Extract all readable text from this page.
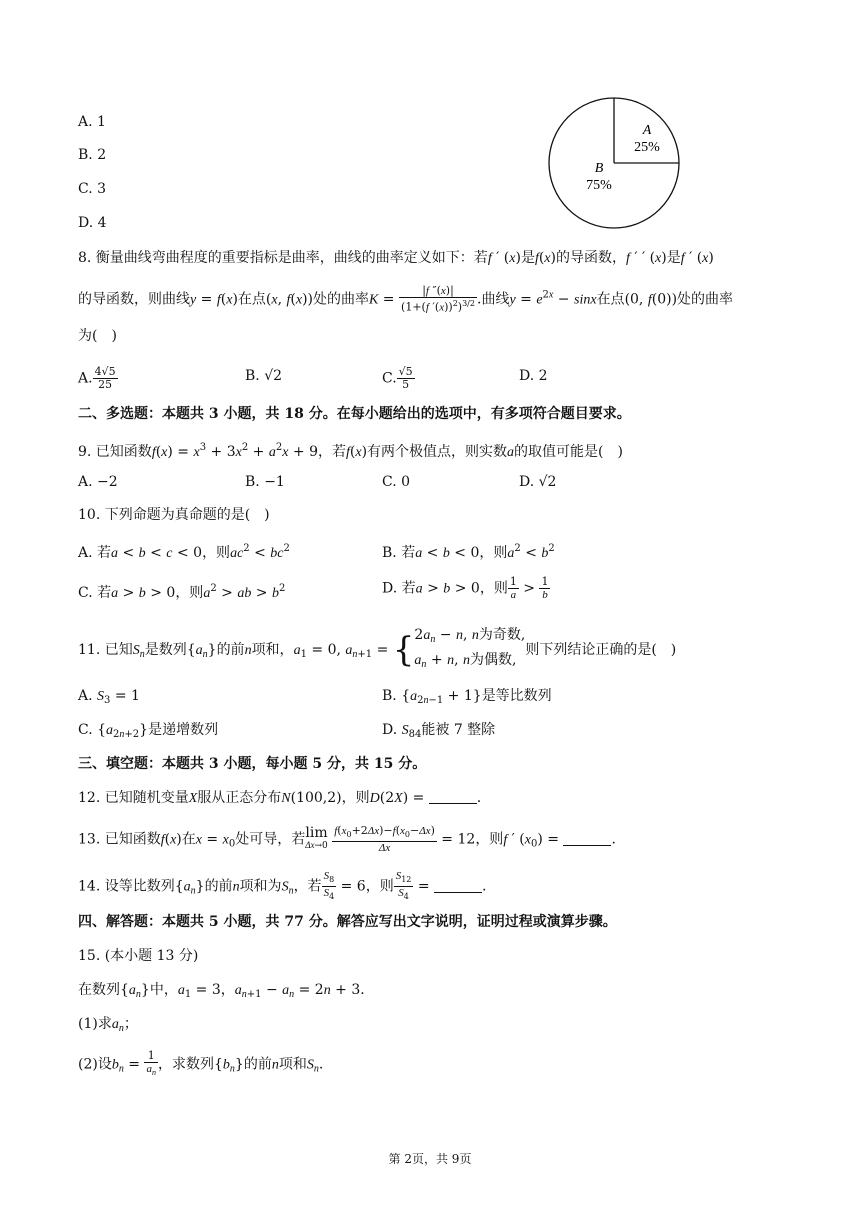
A. 1
B. 2
C. 3
D. 4
A
25%
B
75%
8. 衡量曲线弯曲程度的重要指标是曲率，曲线的曲率定义如下：若f ′ (x)是f(x)的导函数，f ′ ′ (x)是f ′ (x)
的导函数，则曲线y = f(x)在点(x, f(x))处的曲率$K = \frac{|f ''(x)|}{(1+(f '(x))^2)^{3/2}}$ .曲线$y = e^{2x} - \sin x$在点(0, f(0))处的曲率
为(　)
A. $\frac{4√5}{25}$	B. √2	C. $\frac{√5}{5}$	D. 2
二、多选题：本题共 3 小题，共 18 分。在每小题给出的选项中，有多项符合题目要求。
9. 已知函数$f(x) = x^3 + 3x^2 + a^2x + 9$，若f(x)有两个极值点，则实数a的取值可能是(　)
A. −2	B. −1	C. 0	D. √2
10. 下列命题为真命题的是(　)
A. 若a < b < c < 0，则$ac^2 < bc^2$	B. 若a < b < 0，则$a^2 < b^2$
C. 若a > b > 0，则$a^2$ > ab > $b^2$	D. 若a > b > 0，则 $\frac{1}{a} > \frac{1}{b}$
11. 已知$S_n$是数列$\{a_n\}$的前n项和，$a_1 = 0$, $a_{n+1}$ = { $2a_n - n$, n为奇数,
$a_n + n$, n为偶数,
则下列结论正确的是(　)
A. $S_3 = 1$	B. $\{a_{2n-1} + 1\}$是等比数列
C. $\{a_{2n+2}\}$是递增数列	D. $S_{84}$能被 7 整除
三、填空题：本题共 3 小题，每小题 5 分，共 15 分。
12. 已知随机变量X服从正态分布N(100,2)，则D(2X) =	.
13. 已知函数f(x)在$x = x_0$处可导，若 lim
Δx→0
$\frac{f(x_0+2\Delta x)-f(x_0-\Delta x)}{\Delta x} = 12$，则f ′ $(x_0)$ =	.
14. 设等比数列$\{a_n\}$的前n项和为$S_n$，若 $\frac{S_8}{S_4} = 6$，则 $\frac{S_{12}}{S_4}$ =	.
四、解答题：本题共 5 小题，共 77 分。解答应写出文字说明，证明过程或演算步骤。
15. (本小题 13 分)
在数列$\{a_n\}$中，$a_1 = 3$，$a_{n+1} - a_n = 2n + 3$.
(1)求$a_n$；
(2)设$b_n = \frac{1}{a_n}$ ，求数列$\{b_n\}$的前n项和$S_n$.
第 2页，共 9页
